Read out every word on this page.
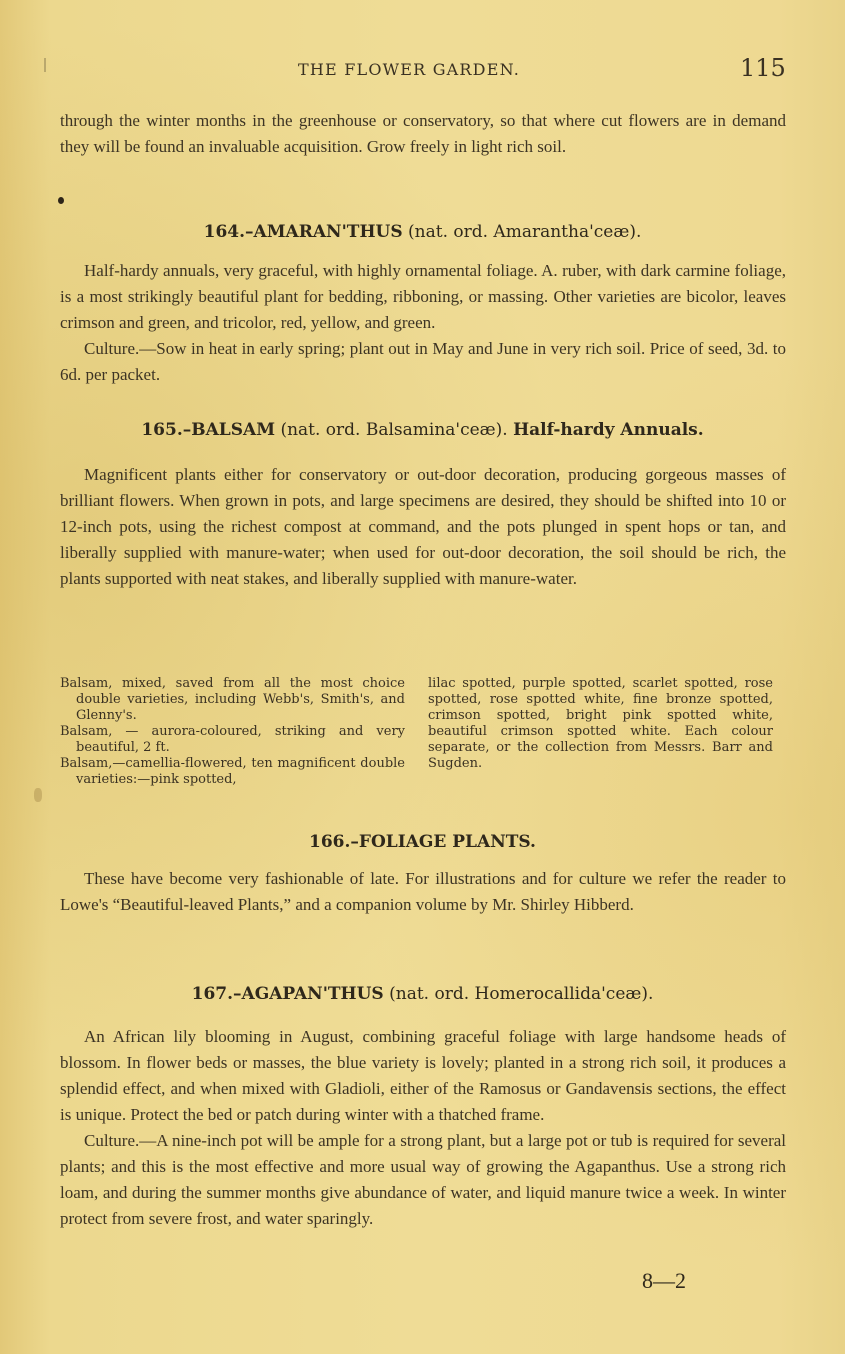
THE FLOWER GARDEN.	115

through the winter months in the greenhouse or conservatory, so that where cut flowers are in demand they will be found an invaluable acquisition. Grow freely in light rich soil.

164.–AMARAN'THUS (nat. ord. Amarantha'ceæ).

Half-hardy annuals, very graceful, with highly ornamental foliage. A. ruber, with dark carmine foliage, is a most strikingly beautiful plant for bedding, ribboning, or massing. Other varieties are bicolor, leaves crimson and green, and tricolor, red, yellow, and green.

Culture.—Sow in heat in early spring; plant out in May and June in very rich soil. Price of seed, 3d. to 6d. per packet.

165.–BALSAM (nat. ord. Balsamina'ceæ). Half-hardy Annuals.

Magnificent plants either for conservatory or out-door decoration, producing gorgeous masses of brilliant flowers. When grown in pots, and large specimens are desired, they should be shifted into 10 or 12-inch pots, using the richest compost at command, and the pots plunged in spent hops or tan, and liberally supplied with manure-water; when used for out-door decoration, the soil should be rich, the plants supported with neat stakes, and liberally supplied with manure-water.

Balsam, mixed, saved from all the most choice double varieties, including Webb's, Smith's, and Glenny's.

Balsam, — aurora-coloured, striking and very beautiful, 2 ft.

Balsam,—camellia-flowered, ten magnificent double varieties:—pink spotted,

lilac spotted, purple spotted, scarlet spotted, rose spotted, rose spotted white, fine bronze spotted, crimson spotted, bright pink spotted white, beautiful crimson spotted white. Each colour separate, or the collection from Messrs. Barr and Sugden.

166.–FOLIAGE PLANTS.

These have become very fashionable of late. For illustrations and for culture we refer the reader to Lowe's “Beautiful-leaved Plants,” and a companion volume by Mr. Shirley Hibberd.

167.–AGAPAN'THUS (nat. ord. Homerocallida'ceæ).

An African lily blooming in August, combining graceful foliage with large handsome heads of blossom. In flower beds or masses, the blue variety is lovely; planted in a strong rich soil, it produces a splendid effect, and when mixed with Gladioli, either of the Ramosus or Gandavensis sections, the effect is unique. Protect the bed or patch during winter with a thatched frame.

Culture.—A nine-inch pot will be ample for a strong plant, but a large pot or tub is required for several plants; and this is the most effective and more usual way of growing the Agapanthus. Use a strong rich loam, and during the summer months give abundance of water, and liquid manure twice a week. In winter protect from severe frost, and water sparingly.

8—2
